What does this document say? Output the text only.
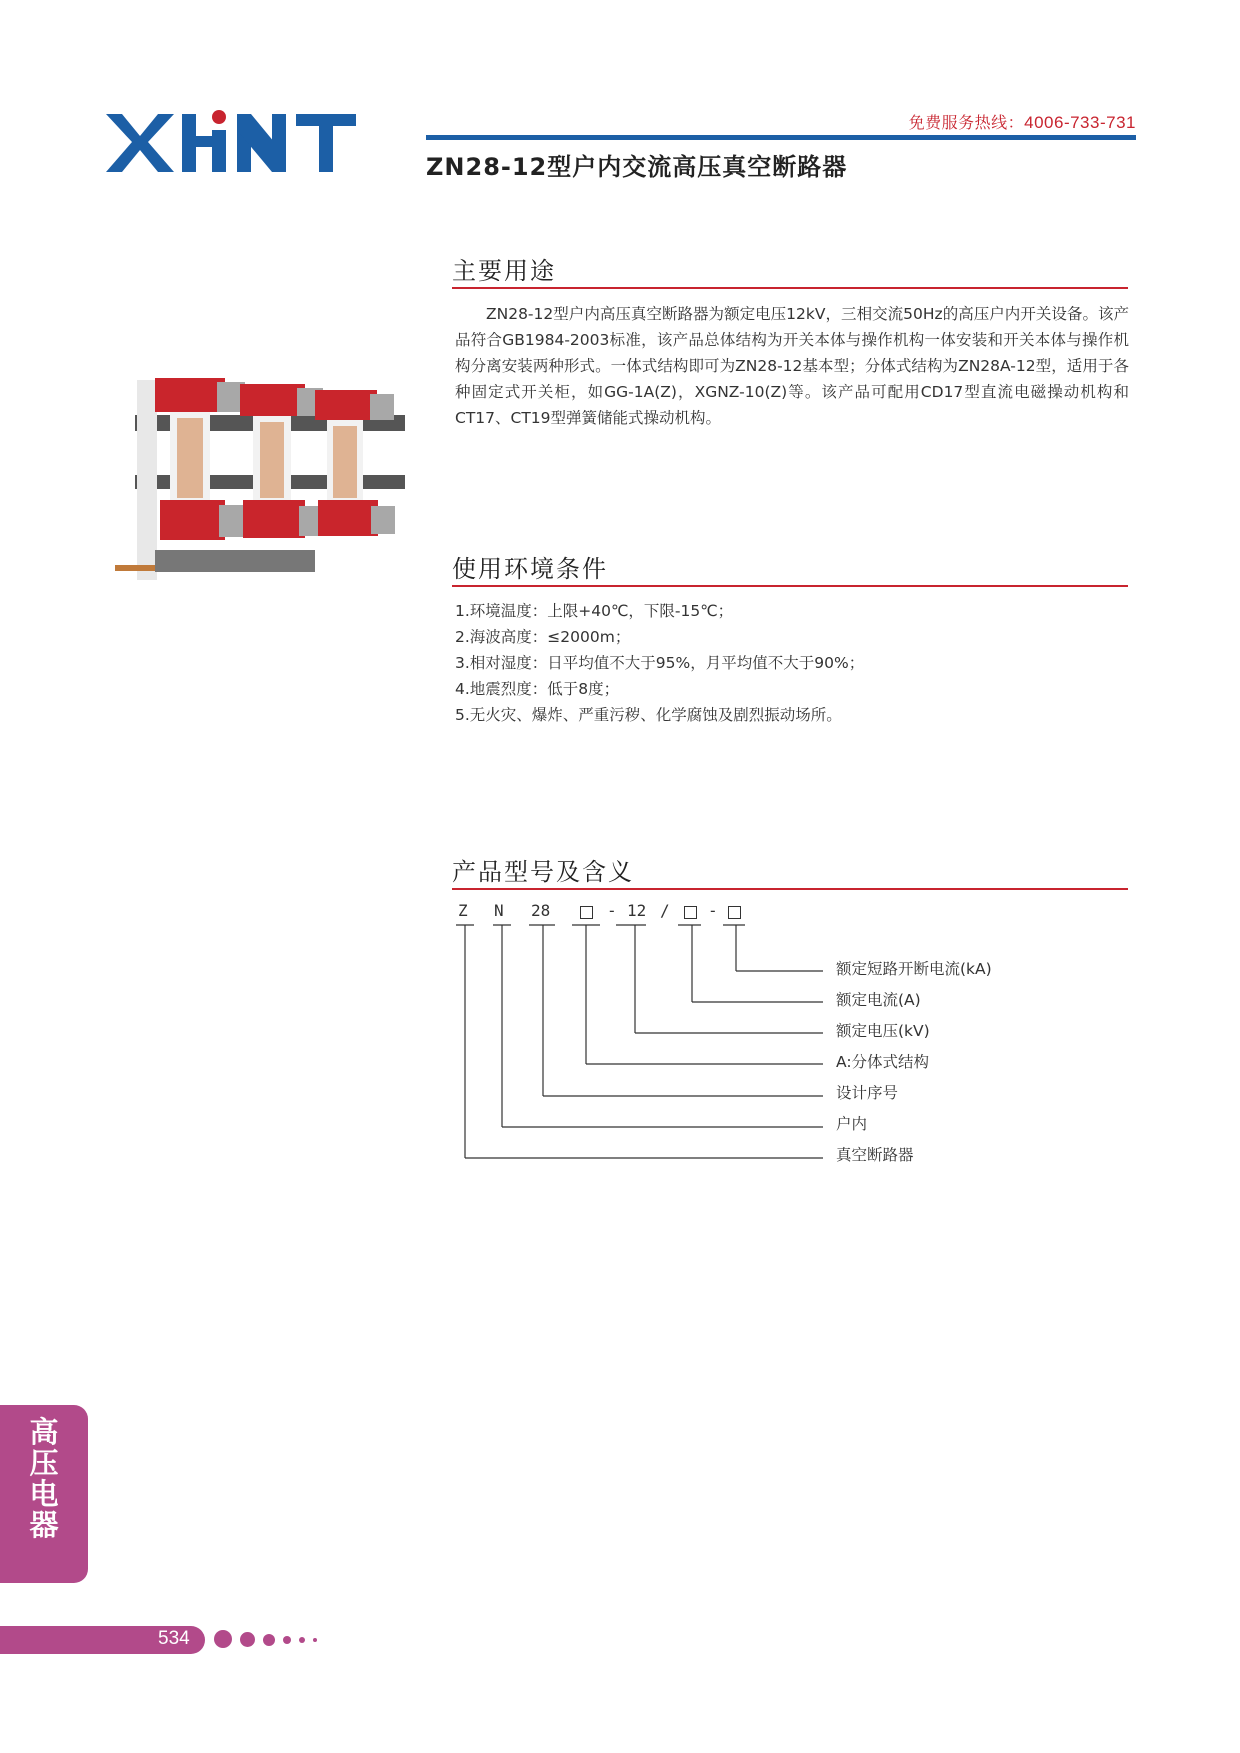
免费服务热线：4006-733-731
ZN28-12型户内交流高压真空断路器
主要用途

ZN28-12型户内高压真空断路器为额定电压12kV，三相交流50Hz的高压户内开关设备。该产品符合GB1984-2003标准，该产品总体结构为开关本体与操作机构一体安装和开关本体与操作机构分离安装两种形式。一体式结构即可为ZN28-12基本型；分体式结构为ZN28A-12型，适用于各种固定式开关柜，如GG-1A(Z)，XGNZ-10(Z)等。该产品可配用CD17型直流电磁操动机构和CT17、CT19型弹簧储能式操动机构。

使用环境条件
1.环境温度：上限+40℃，下限-15℃；
2.海波高度：≤2000m；
3.相对湿度：日平均值不大于95%，月平均值不大于90%；
4.地震烈度：低于8度；
5.无火灾、爆炸、严重污秽、化学腐蚀及剧烈振动场所。
产品型号及含义
Z N 28	- 12 / -
额定短路开断电流(kA)
额定电流(A)
额定电压(kV)
A:分体式结构
设计序号
户内
真空断路器
高压电器
534
